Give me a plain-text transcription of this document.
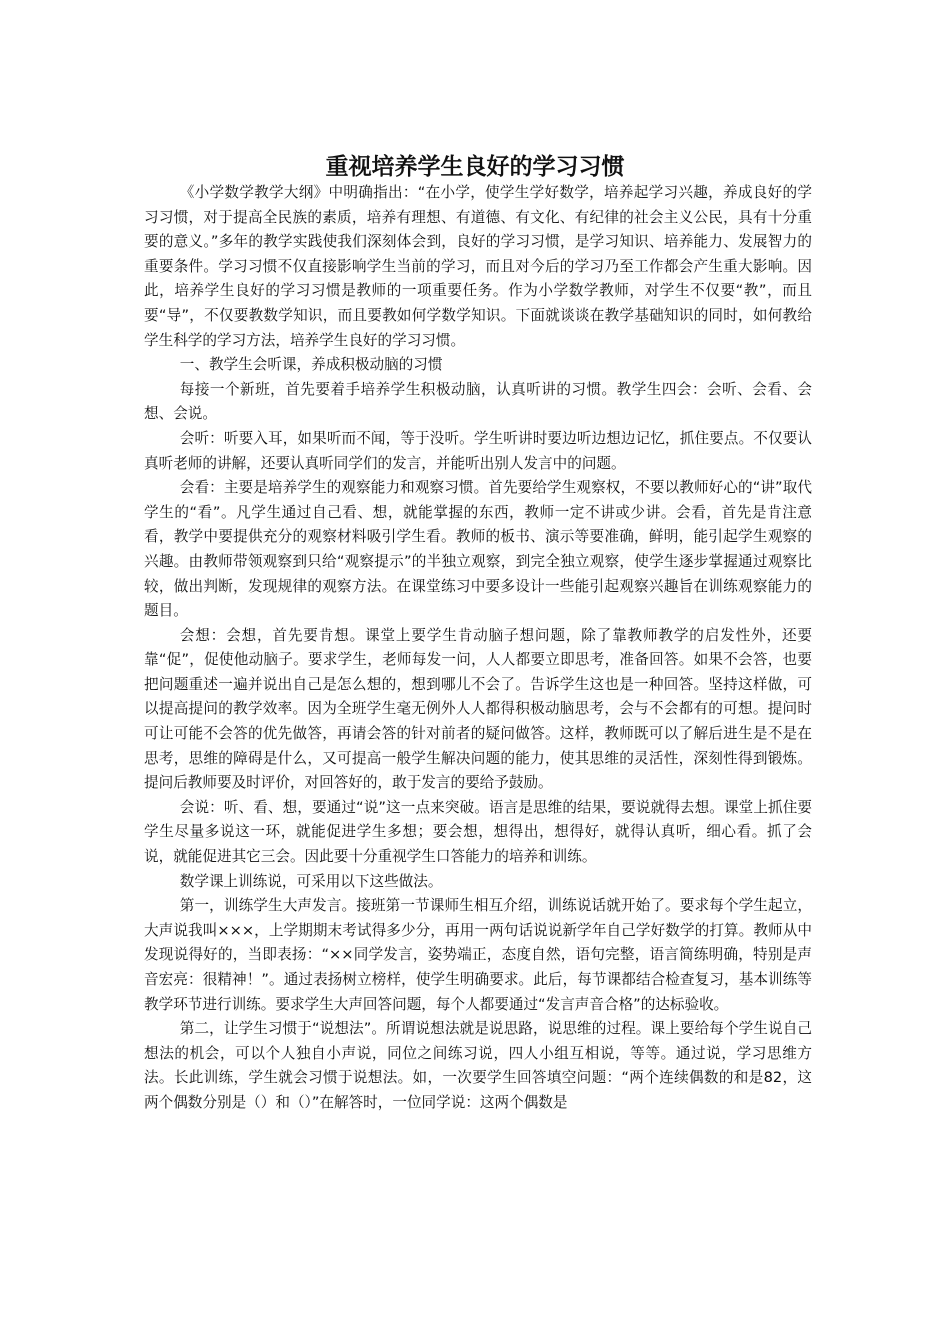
重视培养学生良好的学习习惯

《小学数学教学大纲》中明确指出：“在小学，使学生学好数学，培养起学习兴趣，养成良好的学习习惯，对于提高全民族的素质，培养有理想、有道德、有文化、有纪律的社会主义公民，具有十分重要的意义。”多年的教学实践使我们深刻体会到，良好的学习习惯，是学习知识、培养能力、发展智力的重要条件。学习习惯不仅直接影响学生当前的学习，而且对今后的学习乃至工作都会产生重大影响。因此，培养学生良好的学习习惯是教师的一项重要任务。作为小学数学教师，对学生不仅要“教”，而且要“导”，不仅要教数学知识，而且要教如何学数学知识。下面就谈谈在教学基础知识的同时，如何教给学生科学的学习方法，培养学生良好的学习习惯。

一、教学生会听课，养成积极动脑的习惯

每接一个新班，首先要着手培养学生积极动脑，认真听讲的习惯。教学生四会：会听、会看、会想、会说。

会听：听要入耳，如果听而不闻，等于没听。学生听讲时要边听边想边记忆，抓住要点。不仅要认真听老师的讲解，还要认真听同学们的发言，并能听出别人发言中的问题。

会看：主要是培养学生的观察能力和观察习惯。首先要给学生观察权，不要以教师好心的“讲”取代学生的“看”。凡学生通过自己看、想，就能掌握的东西，教师一定不讲或少讲。会看，首先是肯注意看，教学中要提供充分的观察材料吸引学生看。教师的板书、演示等要准确，鲜明，能引起学生观察的兴趣。由教师带领观察到只给“观察提示”的半独立观察，到完全独立观察，使学生逐步掌握通过观察比较，做出判断，发现规律的观察方法。在课堂练习中要多设计一些能引起观察兴趣旨在训练观察能力的题目。

会想：会想，首先要肯想。课堂上要学生肯动脑子想问题，除了靠教师教学的启发性外，还要靠“促”，促使他动脑子。要求学生，老师每发一问，人人都要立即思考，准备回答。如果不会答，也要把问题重述一遍并说出自己是怎么想的，想到哪儿不会了。告诉学生这也是一种回答。坚持这样做，可以提高提问的教学效率。因为全班学生毫无例外人人都得积极动脑思考，会与不会都有的可想。提问时可让可能不会答的优先做答，再请会答的针对前者的疑问做答。这样，教师既可以了解后进生是不是在思考，思维的障碍是什么，又可提高一般学生解决问题的能力，使其思维的灵活性，深刻性得到锻炼。提问后教师要及时评价，对回答好的，敢于发言的要给予鼓励。

会说：听、看、想，要通过“说”这一点来突破。语言是思维的结果，要说就得去想。课堂上抓住要学生尽量多说这一环，就能促进学生多想；要会想，想得出，想得好，就得认真听，细心看。抓了会说，就能促进其它三会。因此要十分重视学生口答能力的培养和训练。

数学课上训练说，可采用以下这些做法。

第一，训练学生大声发言。接班第一节课师生相互介绍，训练说话就开始了。要求每个学生起立，大声说我叫×××，上学期期末考试得多少分，再用一两句话说说新学年自己学好数学的打算。教师从中发现说得好的，当即表扬：“××同学发言，姿势端正，态度自然，语句完整，语言简练明确，特别是声音宏亮：很精神！”。通过表扬树立榜样，使学生明确要求。此后，每节课都结合检查复习，基本训练等教学环节进行训练。要求学生大声回答问题，每个人都要通过“发言声音合格”的达标验收。

第二，让学生习惯于“说想法”。所谓说想法就是说思路，说思维的过程。课上要给每个学生说自己想法的机会，可以个人独自小声说，同位之间练习说，四人小组互相说，等等。通过说，学习思维方法。长此训练，学生就会习惯于说想法。如，一次要学生回答填空问题：“两个连续偶数的和是82，这两个偶数分别是（）和（）”在解答时，一位同学说：这两个偶数是
